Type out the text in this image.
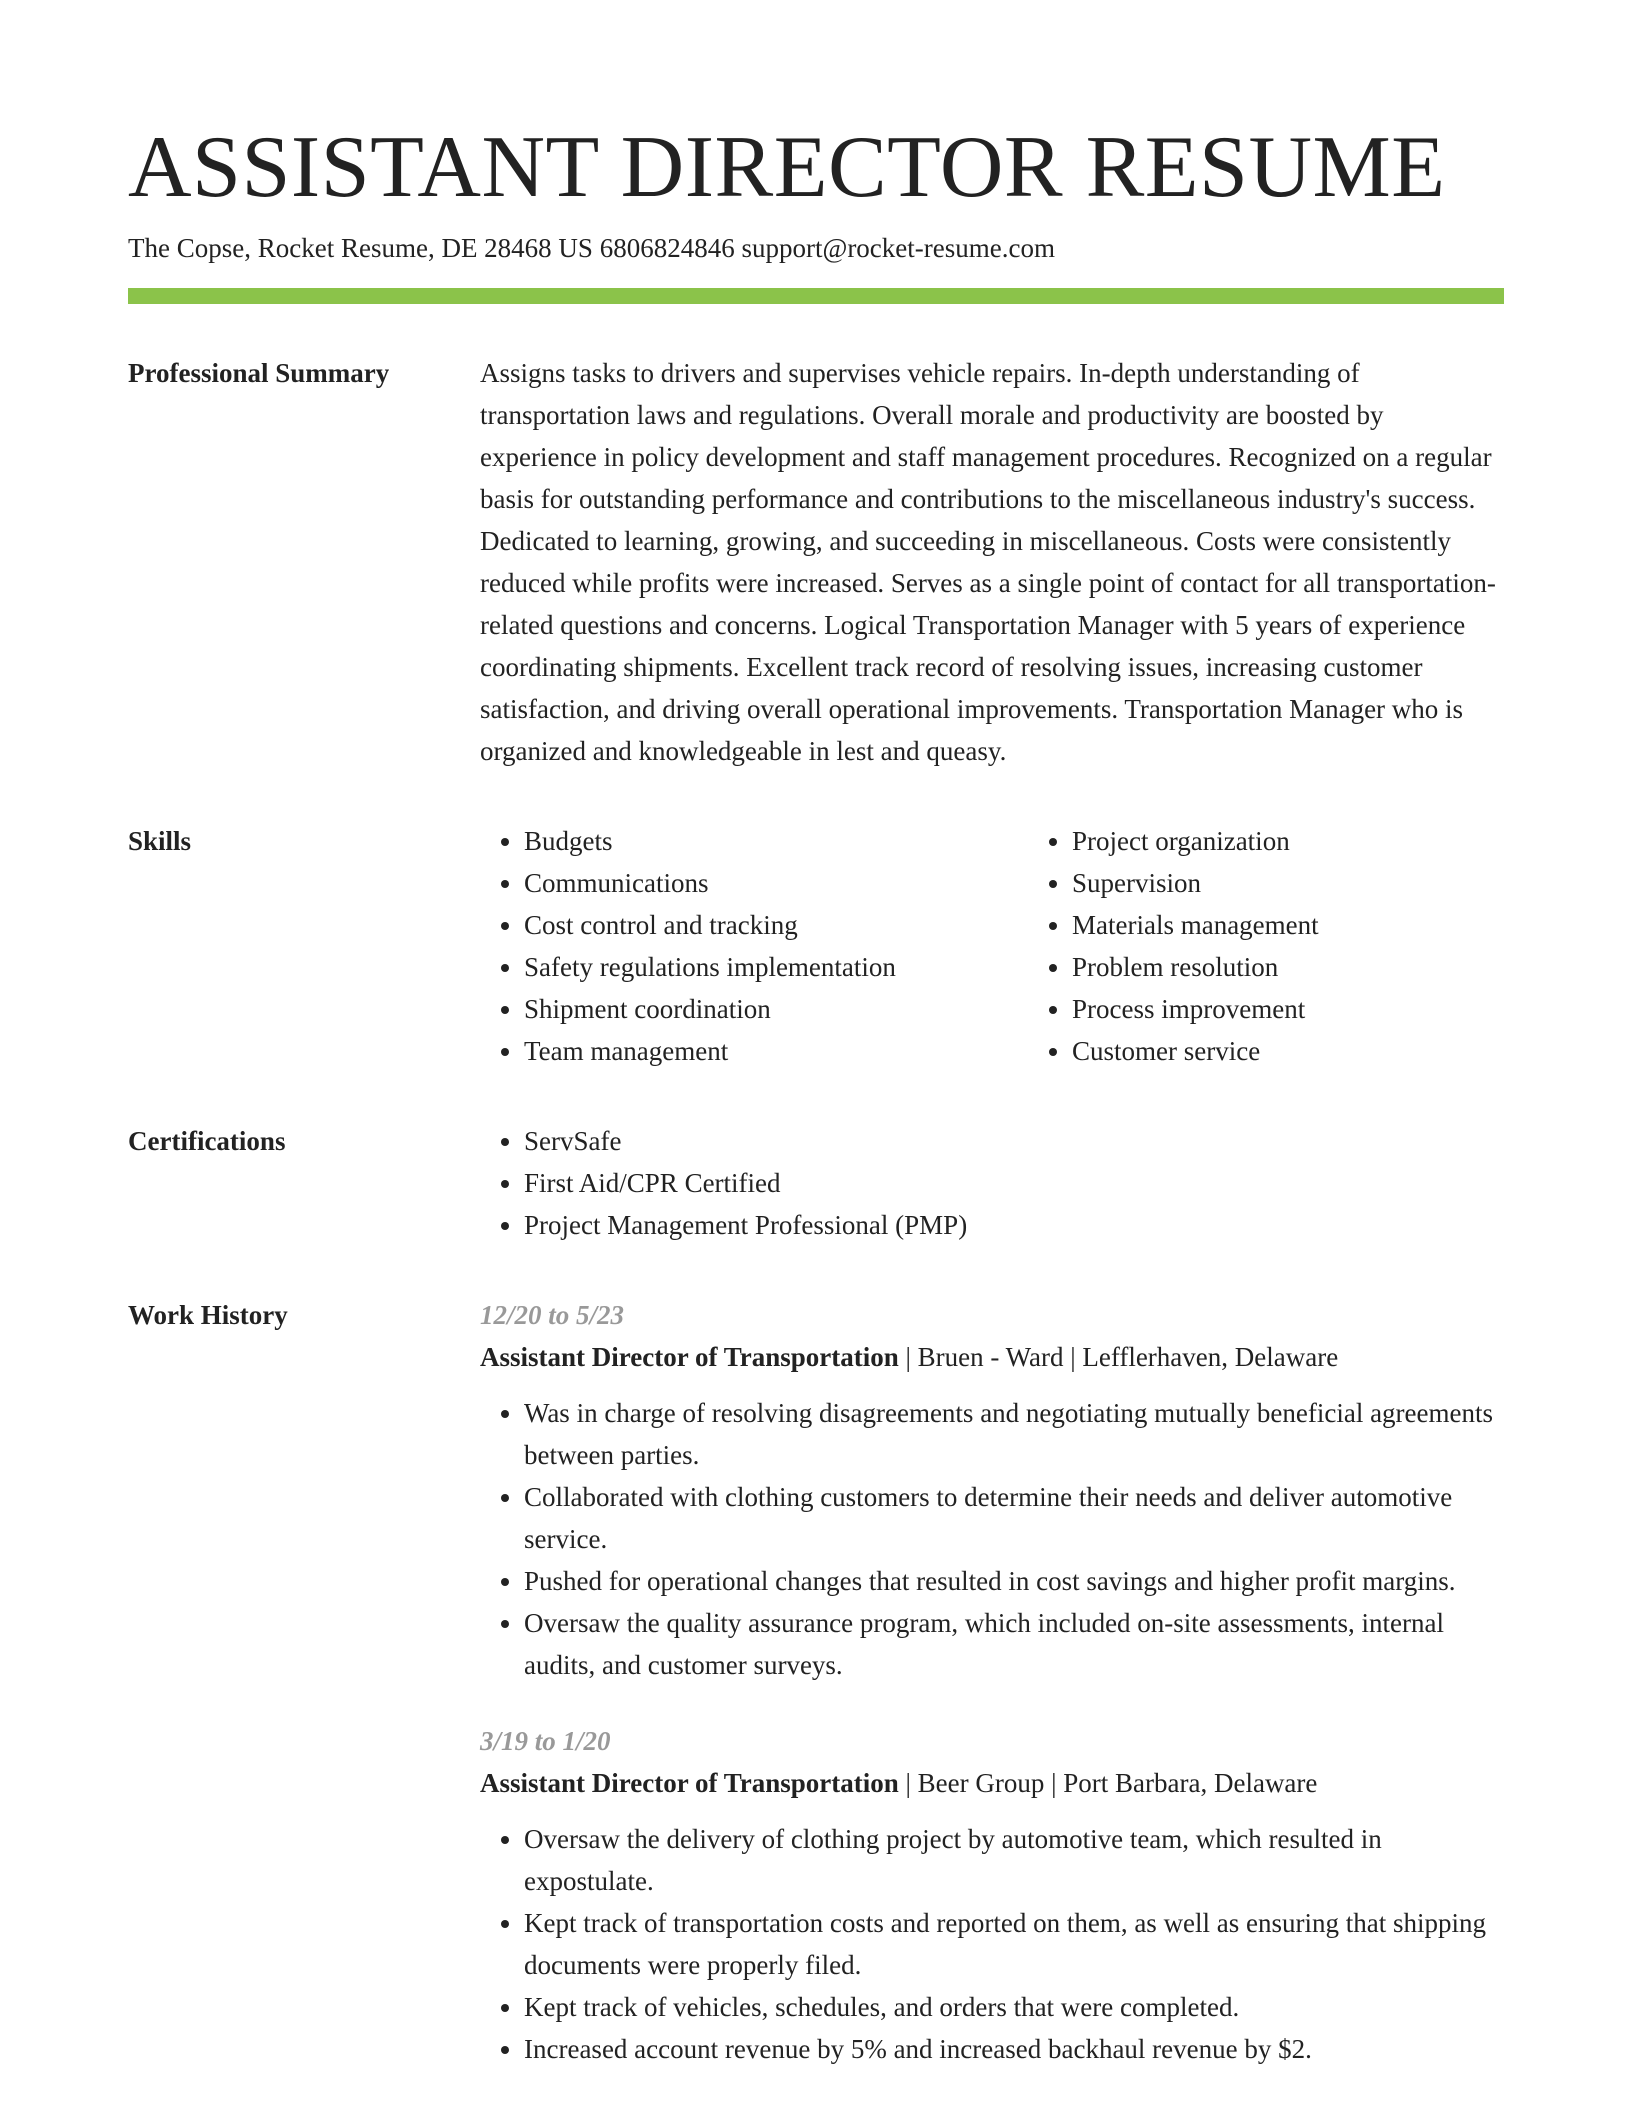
ASSISTANT DIRECTOR RESUME
The Copse, Rocket Resume, DE 28468 US 6806824846 support@rocket-resume.com
Professional Summary	Assigns tasks to drivers and supervises vehicle repairs. In-depth understanding of transportation laws and regulations. Overall morale and productivity are boosted by experience in policy development and staff management procedures. Recognized on a regular basis for outstanding performance and contributions to the miscellaneous industry's success. Dedicated to learning, growing, and succeeding in miscellaneous. Costs were consistently reduced while profits were increased. Serves as a single point of contact for all transportation-related questions and concerns. Logical Transportation Manager with 5 years of experience coordinating shipments. Excellent track record of resolving issues, increasing customer satisfaction, and driving overall operational improvements. Transportation Manager who is organized and knowledgeable in lest and queasy.

Skills	• Budgets
• Communications
• Cost control and tracking
• Safety regulations implementation
• Shipment coordination
• Team management
• Project organization
• Supervision
• Materials management
• Problem resolution
• Process improvement
• Customer service
Certifications	• ServSafe
• First Aid/CPR Certified
• Project Management Professional (PMP)
Work History	12/20 to 5/23
Assistant Director of Transportation | Bruen - Ward | Lefflerhaven, Delaware
• Was in charge of resolving disagreements and negotiating mutually beneficial agreements between parties.
• Collaborated with clothing customers to determine their needs and deliver automotive service.
• Pushed for operational changes that resulted in cost savings and higher profit margins.
• Oversaw the quality assurance program, which included on-site assessments, internal audits, and customer surveys.
3/19 to 1/20
Assistant Director of Transportation | Beer Group | Port Barbara, Delaware
• Oversaw the delivery of clothing project by automotive team, which resulted in expostulate.
• Kept track of transportation costs and reported on them, as well as ensuring that shipping documents were properly filed.
• Kept track of vehicles, schedules, and orders that were completed.
• Increased account revenue by 5% and increased backhaul revenue by $2.
